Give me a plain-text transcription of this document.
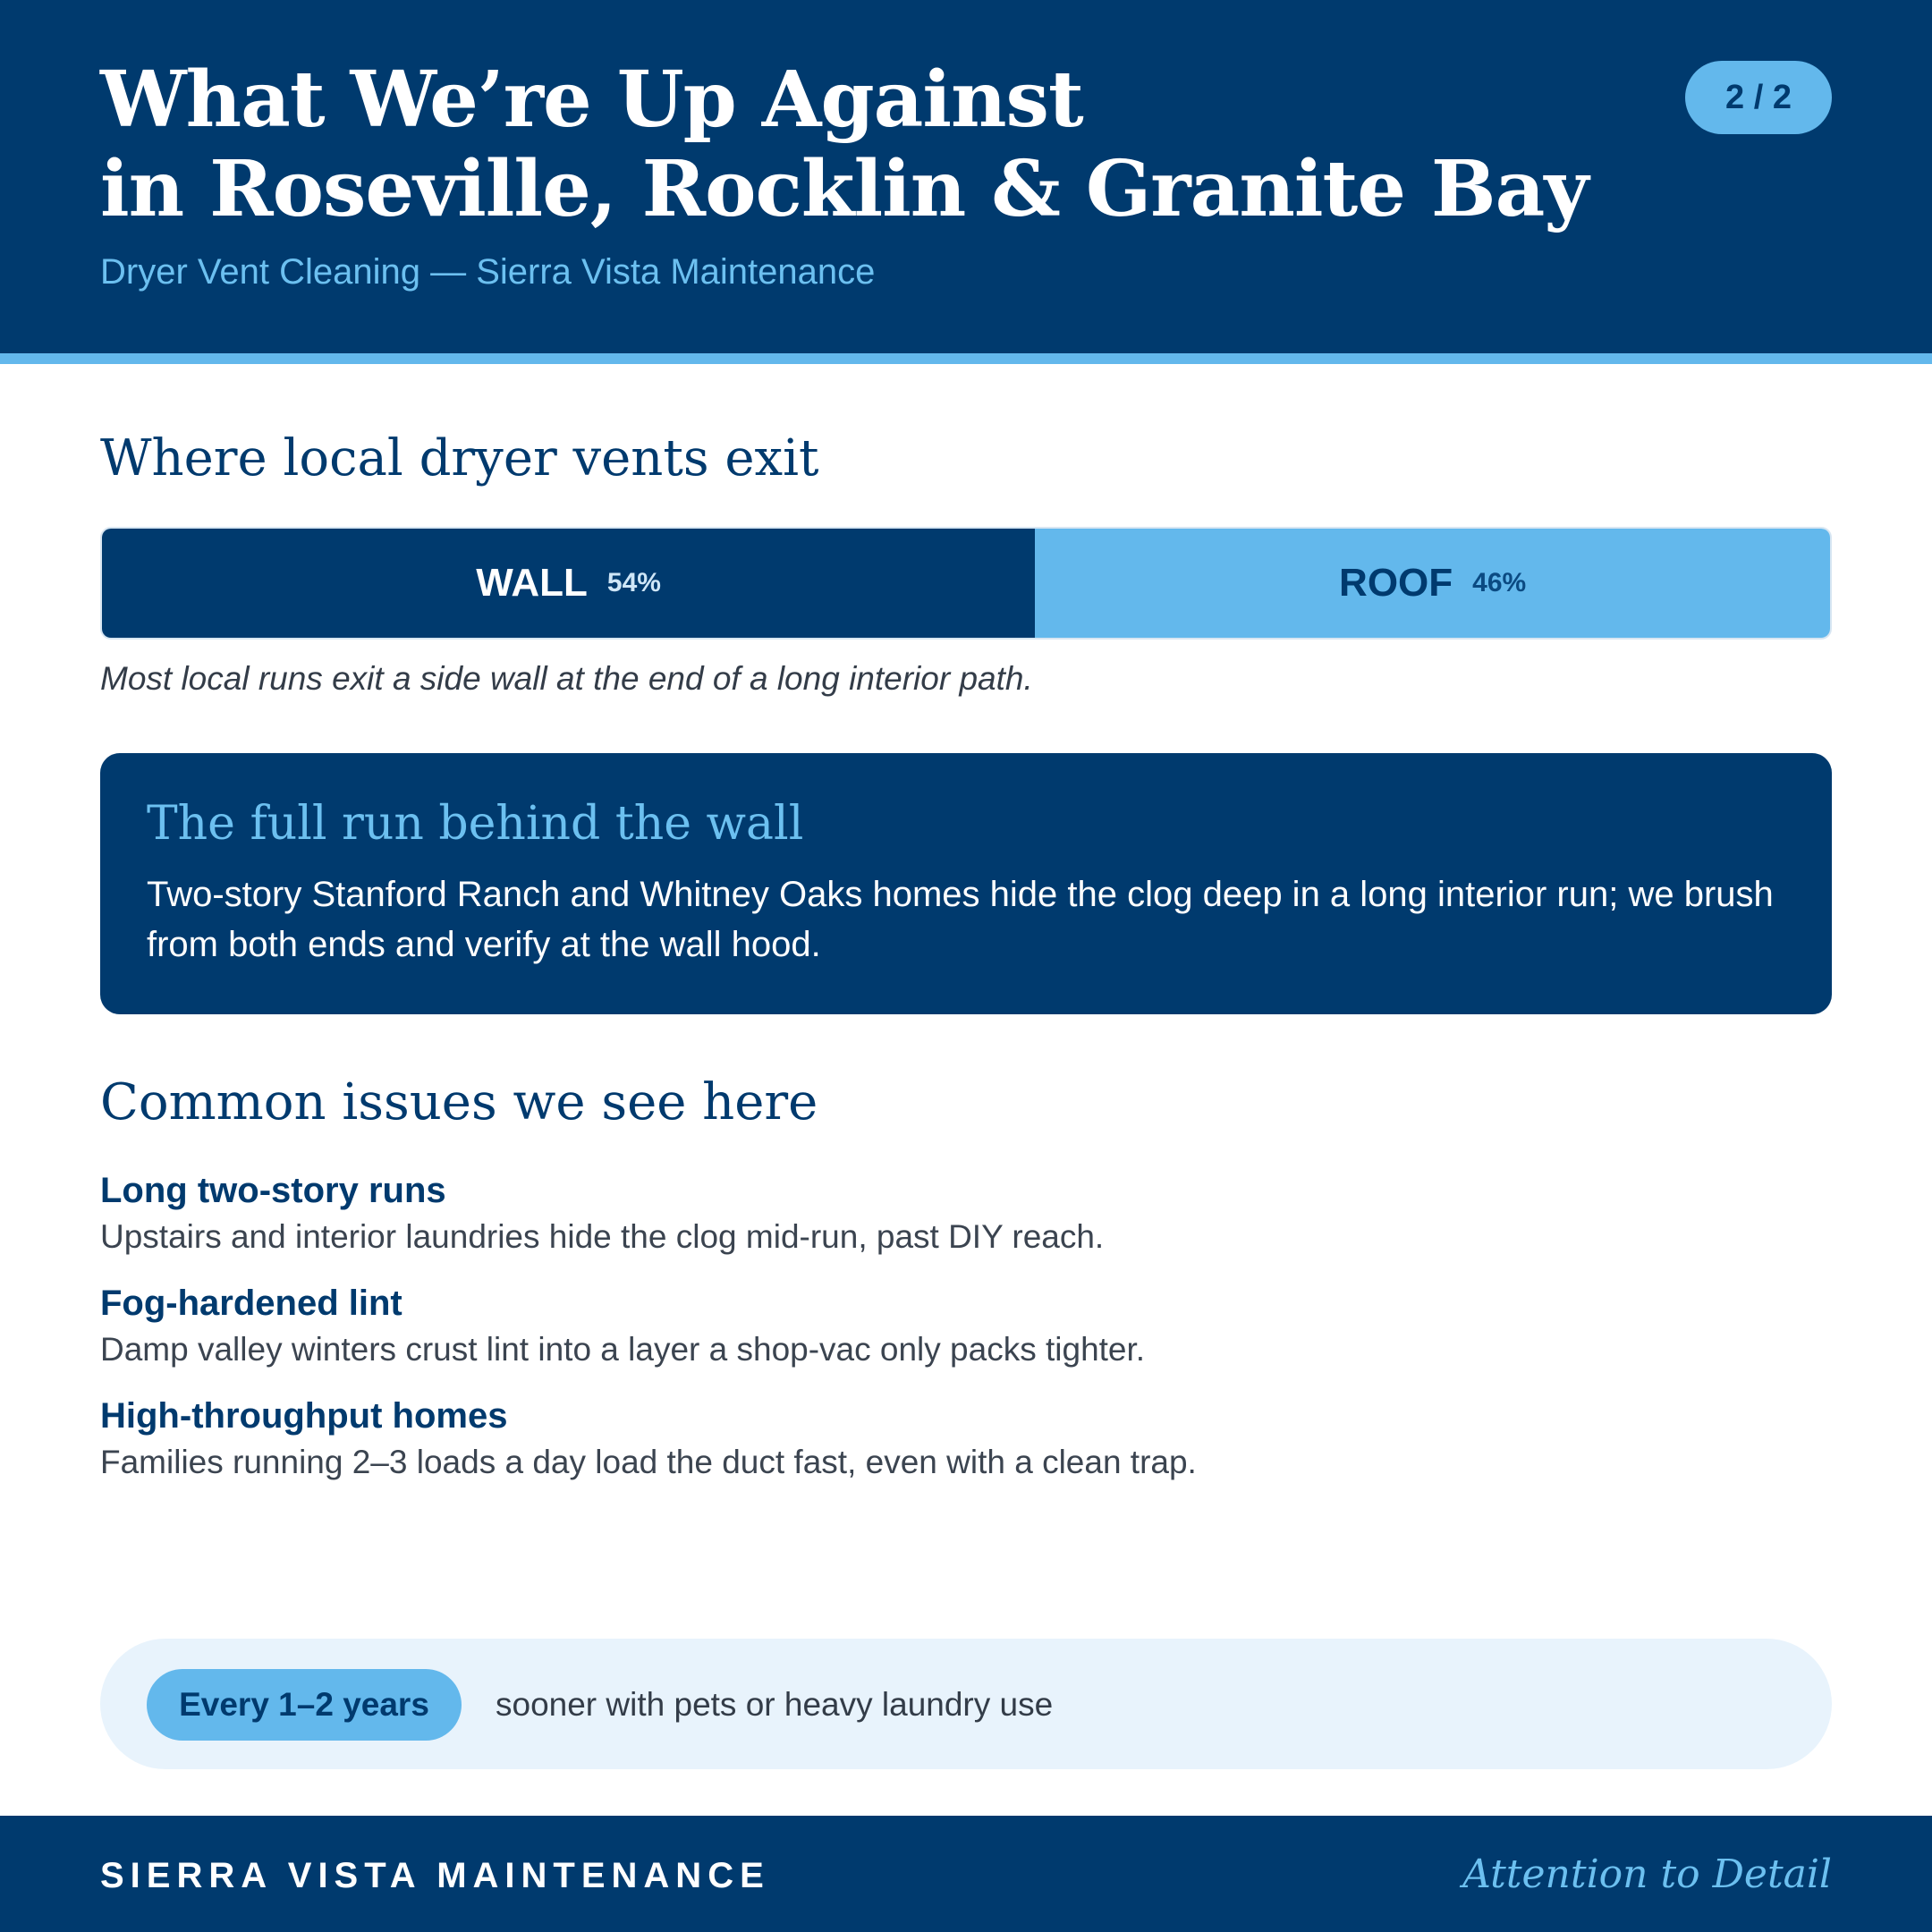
What We’re Up Against
in Roseville, Rocklin & Granite Bay
Dryer Vent Cleaning — Sierra Vista Maintenance
2 / 2
Where local dryer vents exit
WALL 54%	ROOF 46%

Most local runs exit a side wall at the end of a long interior path.

The full run behind the wall
Two-story Stanford Ranch and Whitney Oaks homes hide the clog deep in a long interior run; we brush from both ends and verify at the wall hood.
Common issues we see here
Long two-story runs
Upstairs and interior laundries hide the clog mid-run, past DIY reach.
Fog-hardened lint
Damp valley winters crust lint into a layer a shop-vac only packs tighter.
High-throughput homes
Families running 2–3 loads a day load the duct fast, even with a clean trap.
Every 1–2 years	sooner with pets or heavy laundry use
SIERRA VISTA MAINTENANCE	Attention to Detail
